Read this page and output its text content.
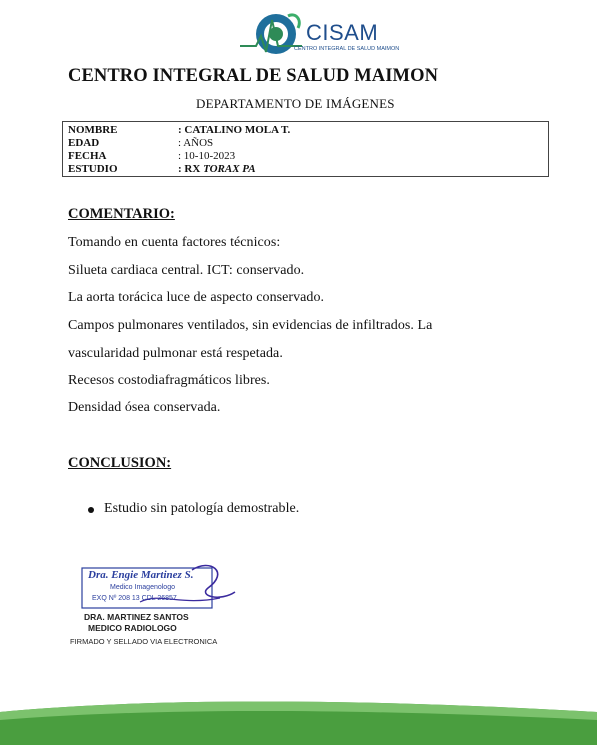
CISAM
CENTRO INTEGRAL DE SALUD MAIMON
CENTRO INTEGRAL DE SALUD MAIMON
DEPARTAMENTO DE IMÁGENES
NOMBRE	: CATALINO MOLA T.
EDAD	: AÑOS
FECHA	: 10-10-2023
ESTUDIO	: RX TORAX PA
COMENTARIO:
Tomando en cuenta factores técnicos:
Silueta cardiaca central. ICT: conservado.
La aorta torácica luce de aspecto conservado.
Campos pulmonares ventilados, sin evidencias de infiltrados. La
vascularidad pulmonar está respetada.
Recesos costodiafragmáticos libres.
Densidad ósea conservada.
CONCLUSION:
Estudio sin patología demostrable.
Dra. Engie Martinez S.
Medico Imagenologo
EXQ Nº 208 13 CDL 26857
DRA. MARTINEZ SANTOS
MEDICO RADIOLOGO
FIRMADO Y SELLADO VIA ELECTRONICA
